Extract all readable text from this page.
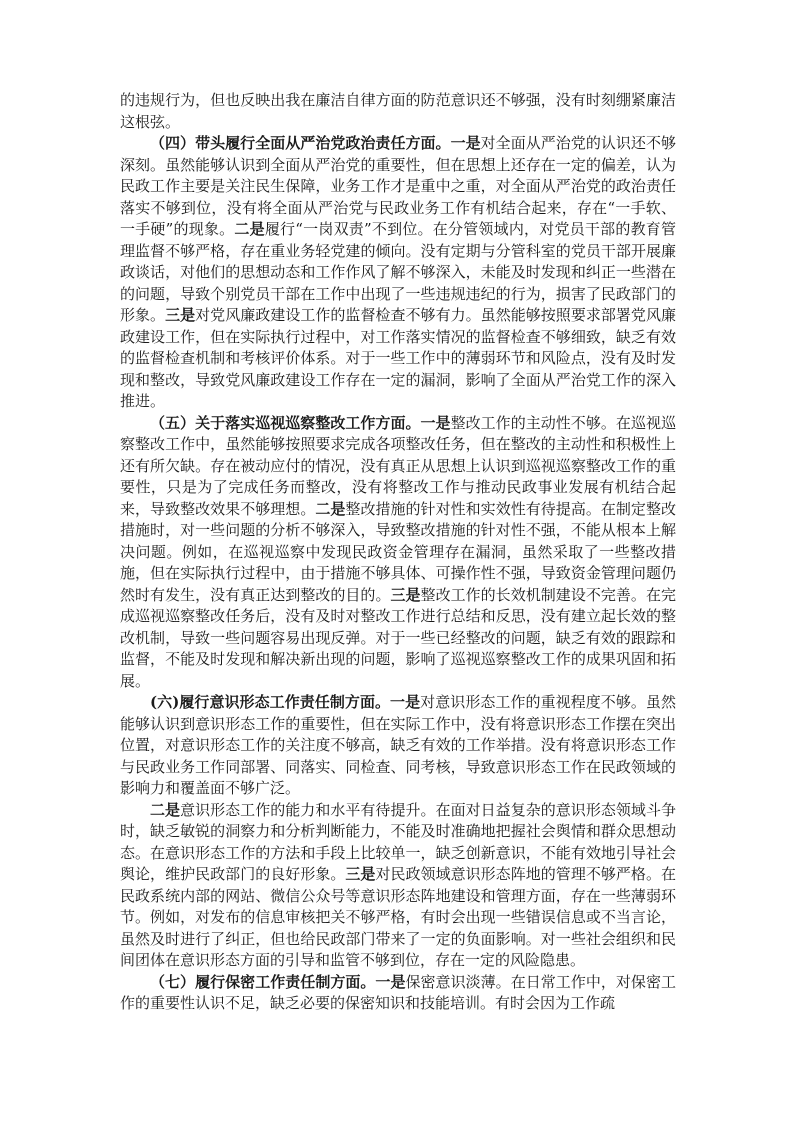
的违规行为，但也反映出我在廉洁自律方面的防范意识还不够强，没有时刻绷紧廉洁这根弦。

（四）带头履行全面从严治党政治责任方面。一是对全面从严治党的认识还不够深刻。虽然能够认识到全面从严治党的重要性，但在思想上还存在一定的偏差，认为民政工作主要是关注民生保障，业务工作才是重中之重，对全面从严治党的政治责任落实不够到位，没有将全面从严治党与民政业务工作有机结合起来，存在“一手软、一手硬”的现象。二是履行“一岗双责”不到位。在分管领域内，对党员干部的教育管理监督不够严格，存在重业务轻党建的倾向。没有定期与分管科室的党员干部开展廉政谈话，对他们的思想动态和工作作风了解不够深入，未能及时发现和纠正一些潜在的问题，导致个别党员干部在工作中出现了一些违规违纪的行为，损害了民政部门的形象。三是对党风廉政建设工作的监督检查不够有力。虽然能够按照要求部署党风廉政建设工作，但在实际执行过程中，对工作落实情况的监督检查不够细致，缺乏有效的监督检查机制和考核评价体系。对于一些工作中的薄弱环节和风险点，没有及时发现和整改，导致党风廉政建设工作存在一定的漏洞，影响了全面从严治党工作的深入推进。

（五）关于落实巡视巡察整改工作方面。一是整改工作的主动性不够。在巡视巡察整改工作中，虽然能够按照要求完成各项整改任务，但在整改的主动性和积极性上还有所欠缺。存在被动应付的情况，没有真正从思想上认识到巡视巡察整改工作的重要性，只是为了完成任务而整改，没有将整改工作与推动民政事业发展有机结合起来，导致整改效果不够理想。二是整改措施的针对性和实效性有待提高。在制定整改措施时，对一些问题的分析不够深入，导致整改措施的针对性不强，不能从根本上解决问题。例如，在巡视巡察中发现民政资金管理存在漏洞，虽然采取了一些整改措施，但在实际执行过程中，由于措施不够具体、可操作性不强，导致资金管理问题仍然时有发生，没有真正达到整改的目的。三是整改工作的长效机制建设不完善。在完成巡视巡察整改任务后，没有及时对整改工作进行总结和反思，没有建立起长效的整改机制，导致一些问题容易出现反弹。对于一些已经整改的问题，缺乏有效的跟踪和监督，不能及时发现和解决新出现的问题，影响了巡视巡察整改工作的成果巩固和拓展。

(六)履行意识形态工作责任制方面。一是对意识形态工作的重视程度不够。虽然能够认识到意识形态工作的重要性，但在实际工作中，没有将意识形态工作摆在突出位置，对意识形态工作的关注度不够高，缺乏有效的工作举措。没有将意识形态工作与民政业务工作同部署、同落实、同检查、同考核，导致意识形态工作在民政领域的影响力和覆盖面不够广泛。

二是意识形态工作的能力和水平有待提升。在面对日益复杂的意识形态领域斗争时，缺乏敏锐的洞察力和分析判断能力，不能及时准确地把握社会舆情和群众思想动态。在意识形态工作的方法和手段上比较单一，缺乏创新意识，不能有效地引导社会舆论，维护民政部门的良好形象。三是对民政领域意识形态阵地的管理不够严格。在民政系统内部的网站、微信公众号等意识形态阵地建设和管理方面，存在一些薄弱环节。例如，对发布的信息审核把关不够严格，有时会出现一些错误信息或不当言论，虽然及时进行了纠正，但也给民政部门带来了一定的负面影响。对一些社会组织和民间团体在意识形态方面的引导和监管不够到位，存在一定的风险隐患。

（七）履行保密工作责任制方面。一是保密意识淡薄。在日常工作中，对保密工作的重要性认识不足，缺乏必要的保密知识和技能培训。有时会因为工作疏
